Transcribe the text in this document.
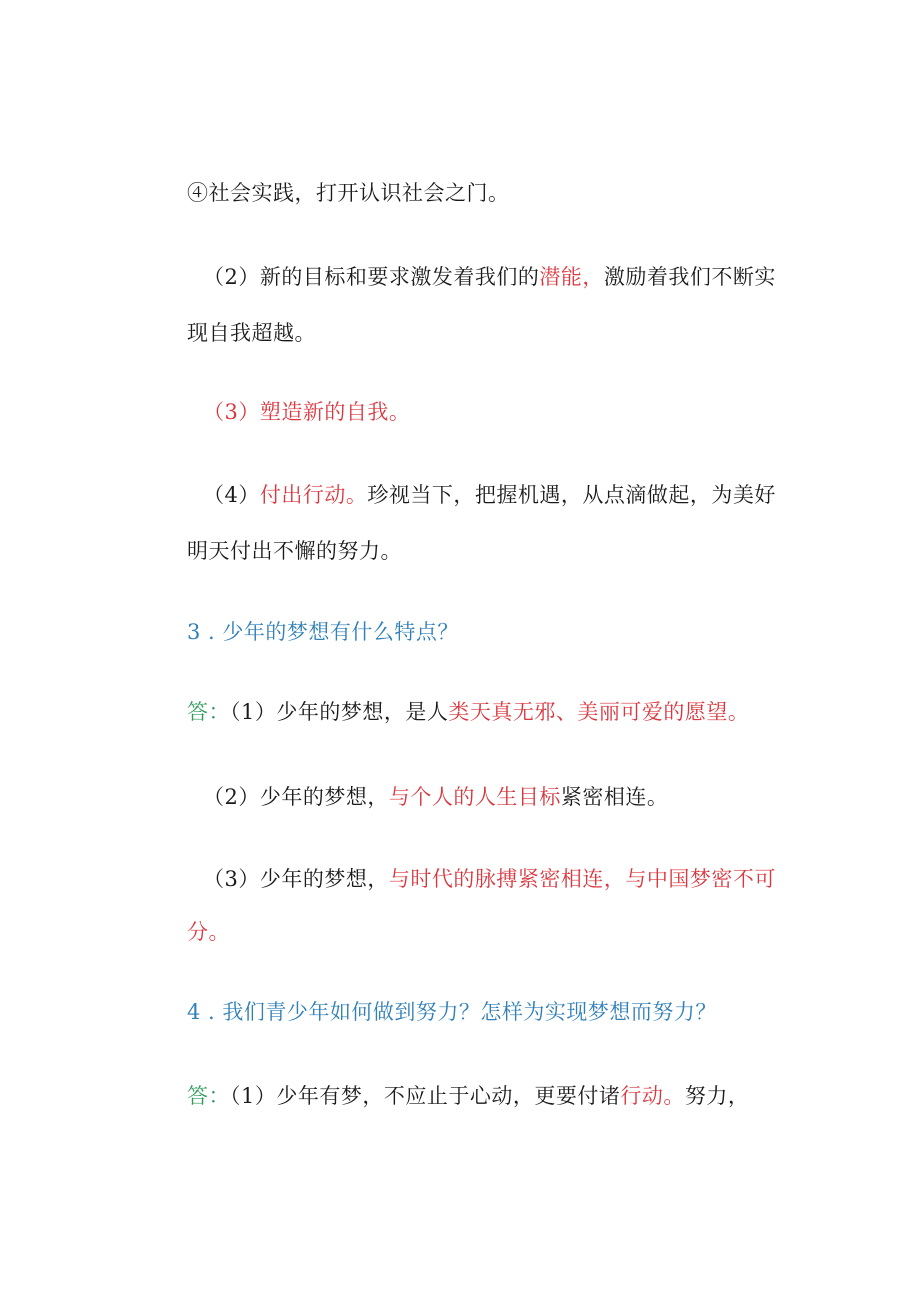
④社会实践，打开认识社会之门。
（2）新的目标和要求激发着我们的潜能，激励着我们不断实
现自我超越。
（3）塑造新的自我。
（4）付出行动。珍视当下，把握机遇，从点滴做起，为美好
明天付出不懈的努力。
3 . 少年的梦想有什么特点？
答：（1）少年的梦想，是人类天真无邪、美丽可爱的愿望。
（2）少年的梦想，与个人的人生目标紧密相连。
（3）少年的梦想，与时代的脉搏紧密相连，与中国梦密不可
分。
4 . 我们青少年如何做到努力？怎样为实现梦想而努力？
答：（1）少年有梦，不应止于心动，更要付诸行动。努力，
